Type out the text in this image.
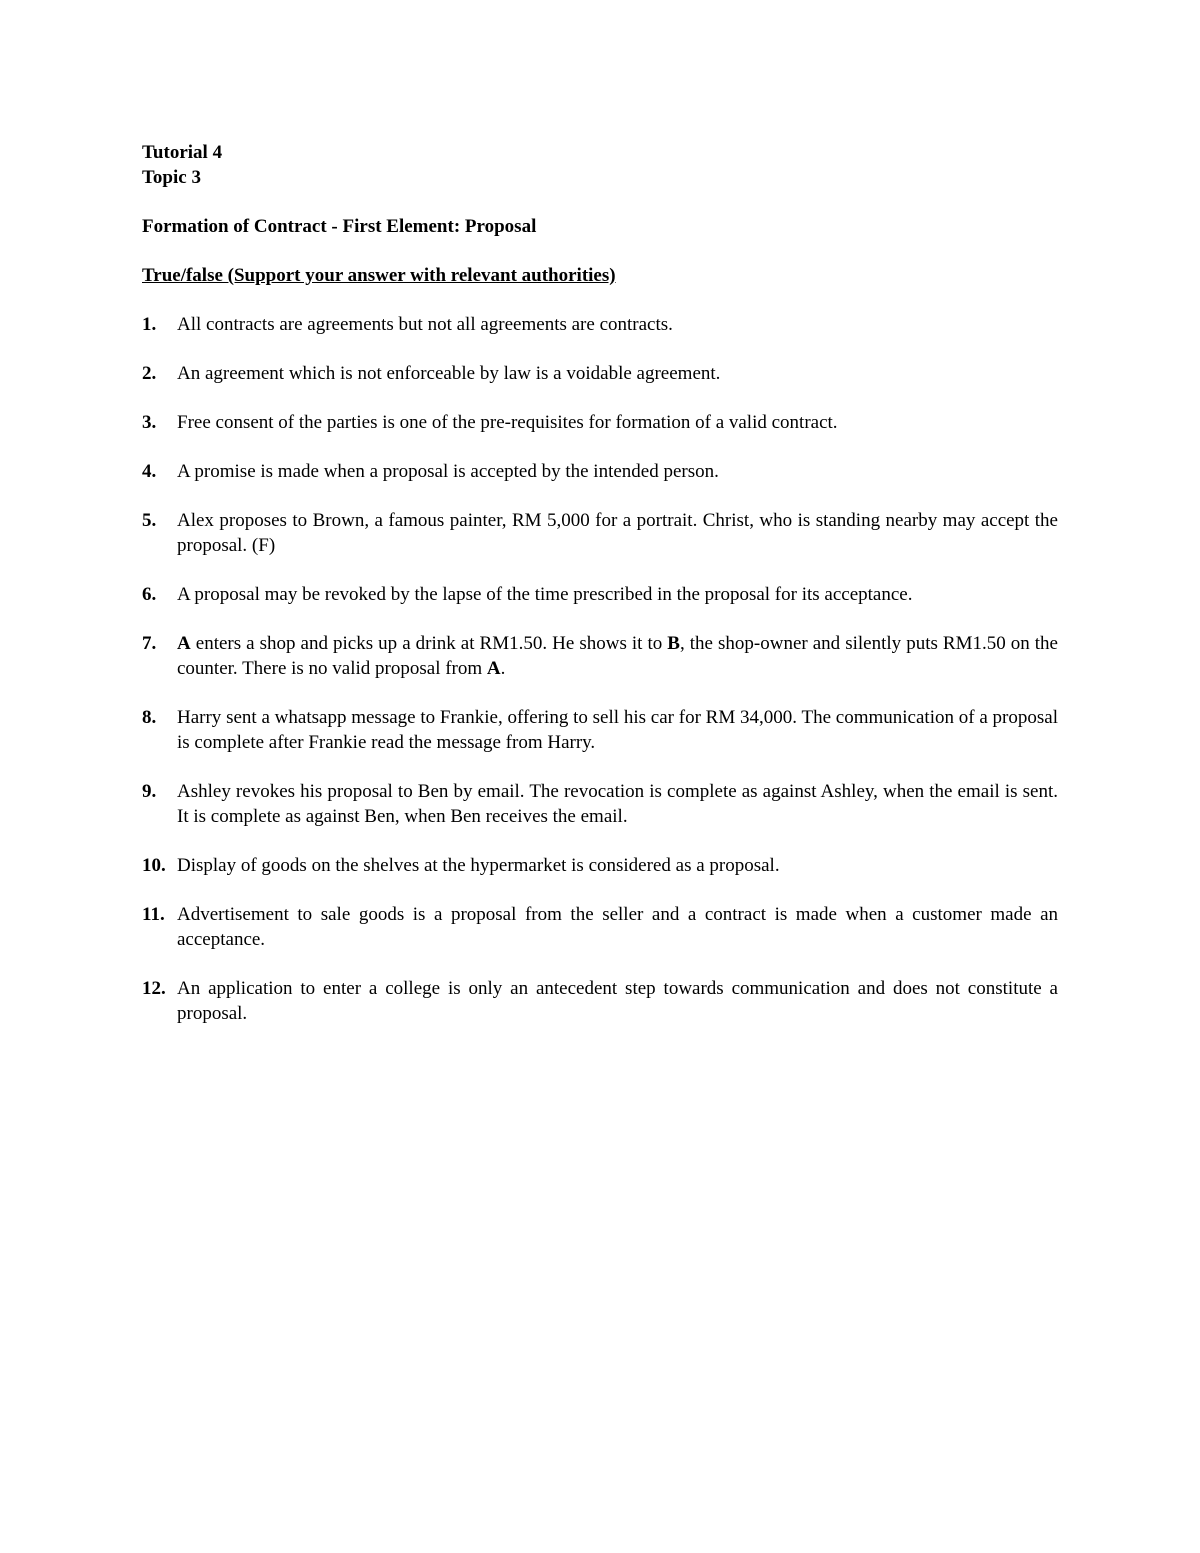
Tutorial 4

Topic 3

Formation of Contract - First Element: Proposal

True/false (Support your answer with relevant authorities)

1.	All contracts are agreements but not all agreements are contracts.
2.	An agreement which is not enforceable by law is a voidable agreement.
3.	Free consent of the parties is one of the pre-requisites for formation of a valid contract.
4.	A promise is made when a proposal is accepted by the intended person.
5.	Alex proposes to Brown, a famous painter, RM 5,000 for a portrait. Christ, who is standing nearby may accept the proposal. (F)
6.	A proposal may be revoked by the lapse of the time prescribed in the proposal for its acceptance.
7.	A enters a shop and picks up a drink at RM1.50. He shows it to B, the shop-owner and silently puts RM1.50 on the counter. There is no valid proposal from A.
8.	Harry sent a whatsapp message to Frankie, offering to sell his car for RM 34,000. The communication of a proposal is complete after Frankie read the message from Harry.
9.	Ashley revokes his proposal to Ben by email. The revocation is complete as against Ashley, when the email is sent. It is complete as against Ben, when Ben receives the email.
10. Display of goods on the shelves at the hypermarket is considered as a proposal.
11. Advertisement to sale goods is a proposal from the seller and a contract is made when a customer made an acceptance.
12. An application to enter a college is only an antecedent step towards communication and does not constitute a proposal.
